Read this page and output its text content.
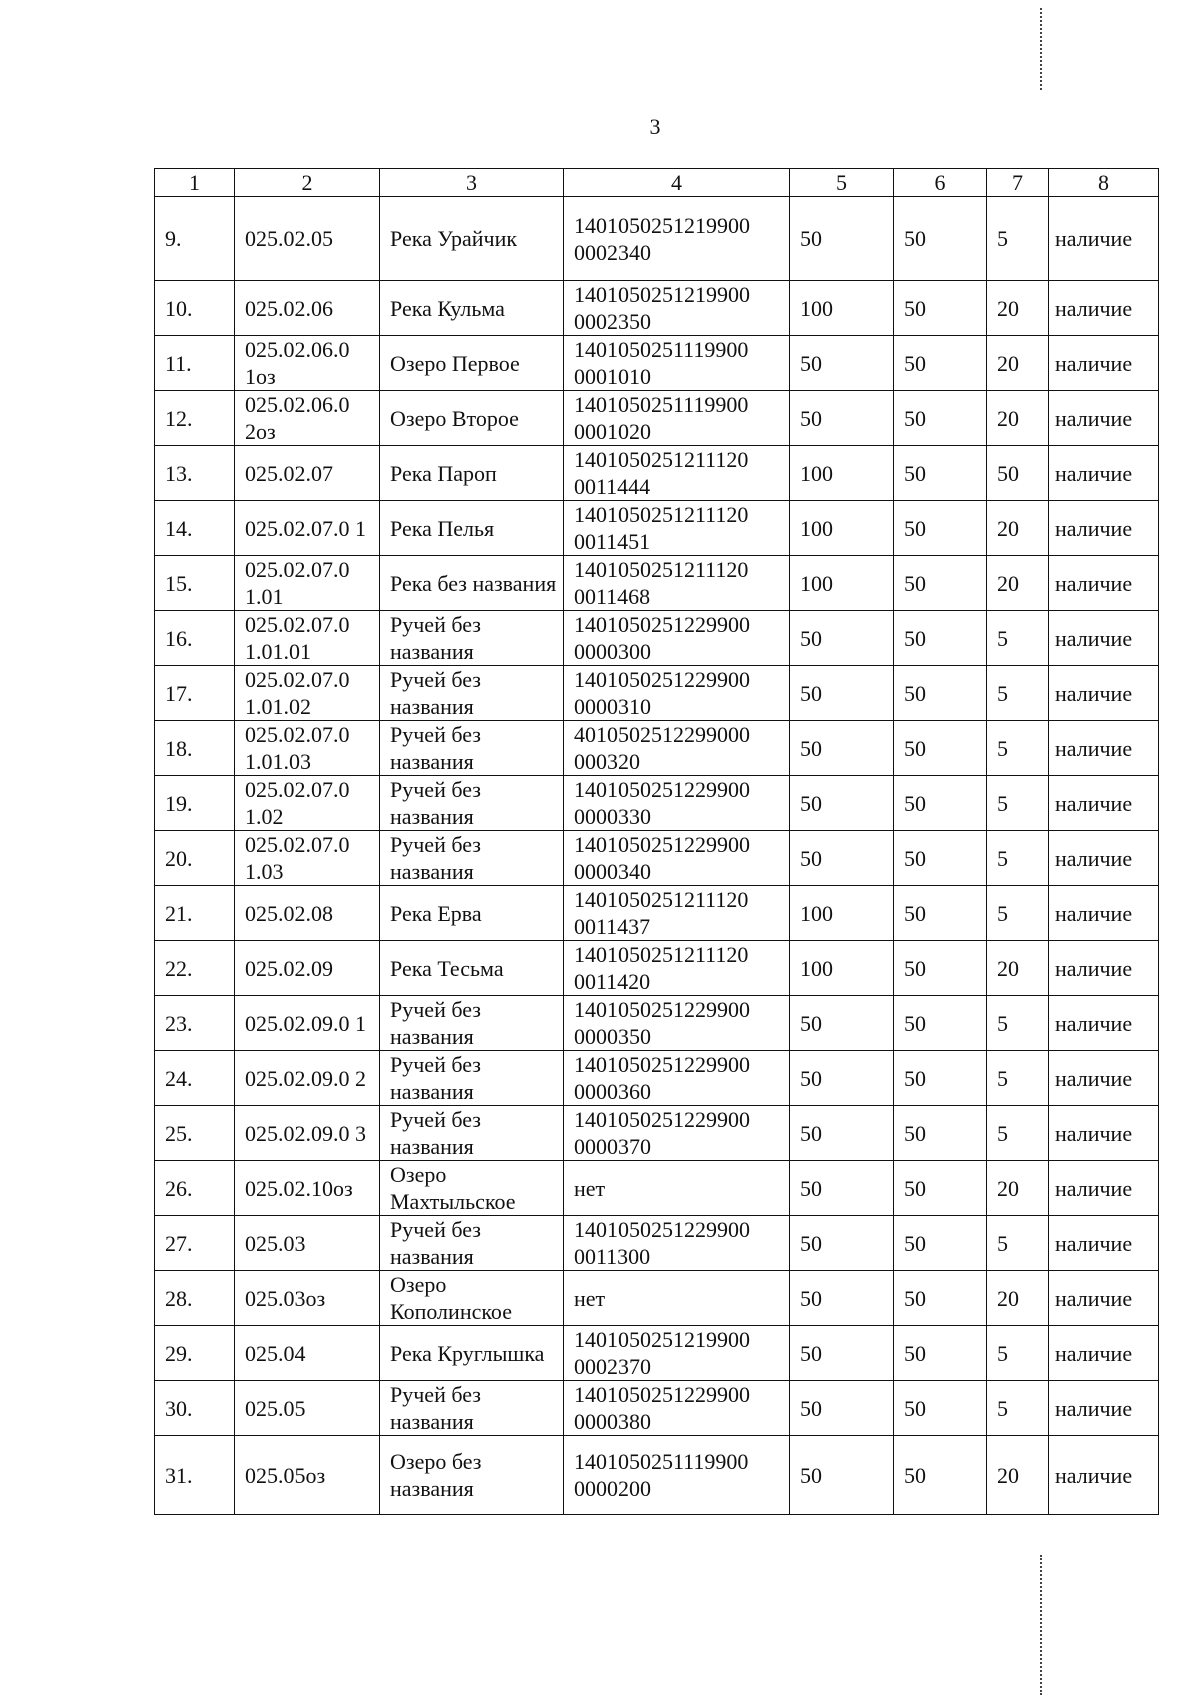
3
1	2	3	4	5	6	7	8
9.	025.02.05	Река Урайчик	1401050251219900 0002340	50	50	5	наличие
10.	025.02.06	Река Кульма	1401050251219900 0002350	100	50	20	наличие
11.	025.02.06.0 1оз	Озеро Первое	1401050251119900 0001010	50	50	20	наличие
12.	025.02.06.0 2оз	Озеро Второе	1401050251119900 0001020	50	50	20	наличие
13.	025.02.07	Река Пароп	1401050251211120 0011444	100	50	50	наличие
14.	025.02.07.0 1	Река Пелья	1401050251211120 0011451	100	50	20	наличие
15.	025.02.07.0 1.01	Река без названия	1401050251211120 0011468	100	50	20	наличие
16.	025.02.07.0 1.01.01	Ручей без названия	1401050251229900 0000300	50	50	5	наличие
17.	025.02.07.0 1.01.02	Ручей без названия	1401050251229900 0000310	50	50	5	наличие
18.	025.02.07.0 1.01.03	Ручей без названия	4010502512299000 000320	50	50	5	наличие
19.	025.02.07.0 1.02	Ручей без названия	1401050251229900 0000330	50	50	5	наличие
20.	025.02.07.0 1.03	Ручей без названия	1401050251229900 0000340	50	50	5	наличие
21.	025.02.08	Река Ерва	1401050251211120 0011437	100	50	5	наличие
22.	025.02.09	Река Тесьма	1401050251211120 0011420	100	50	20	наличие
23.	025.02.09.0 1	Ручей без названия	1401050251229900 0000350	50	50	5	наличие
24.	025.02.09.0 2	Ручей без названия	1401050251229900 0000360	50	50	5	наличие
25.	025.02.09.0 3	Ручей без названия	1401050251229900 0000370	50	50	5	наличие
26.	025.02.10оз	Озеро Махтыльское	нет	50	50	20	наличие
27.	025.03	Ручей без названия	1401050251229900 0011300	50	50	5	наличие
28.	025.03оз	Озеро Кополинское	нет	50	50	20	наличие
29.	025.04	Река Круглышка	1401050251219900 0002370	50	50	5	наличие
30.	025.05	Ручей без названия	1401050251229900 0000380	50	50	5	наличие
31.	025.05оз	Озеро без названия	1401050251119900 0000200	50	50	20	наличие
